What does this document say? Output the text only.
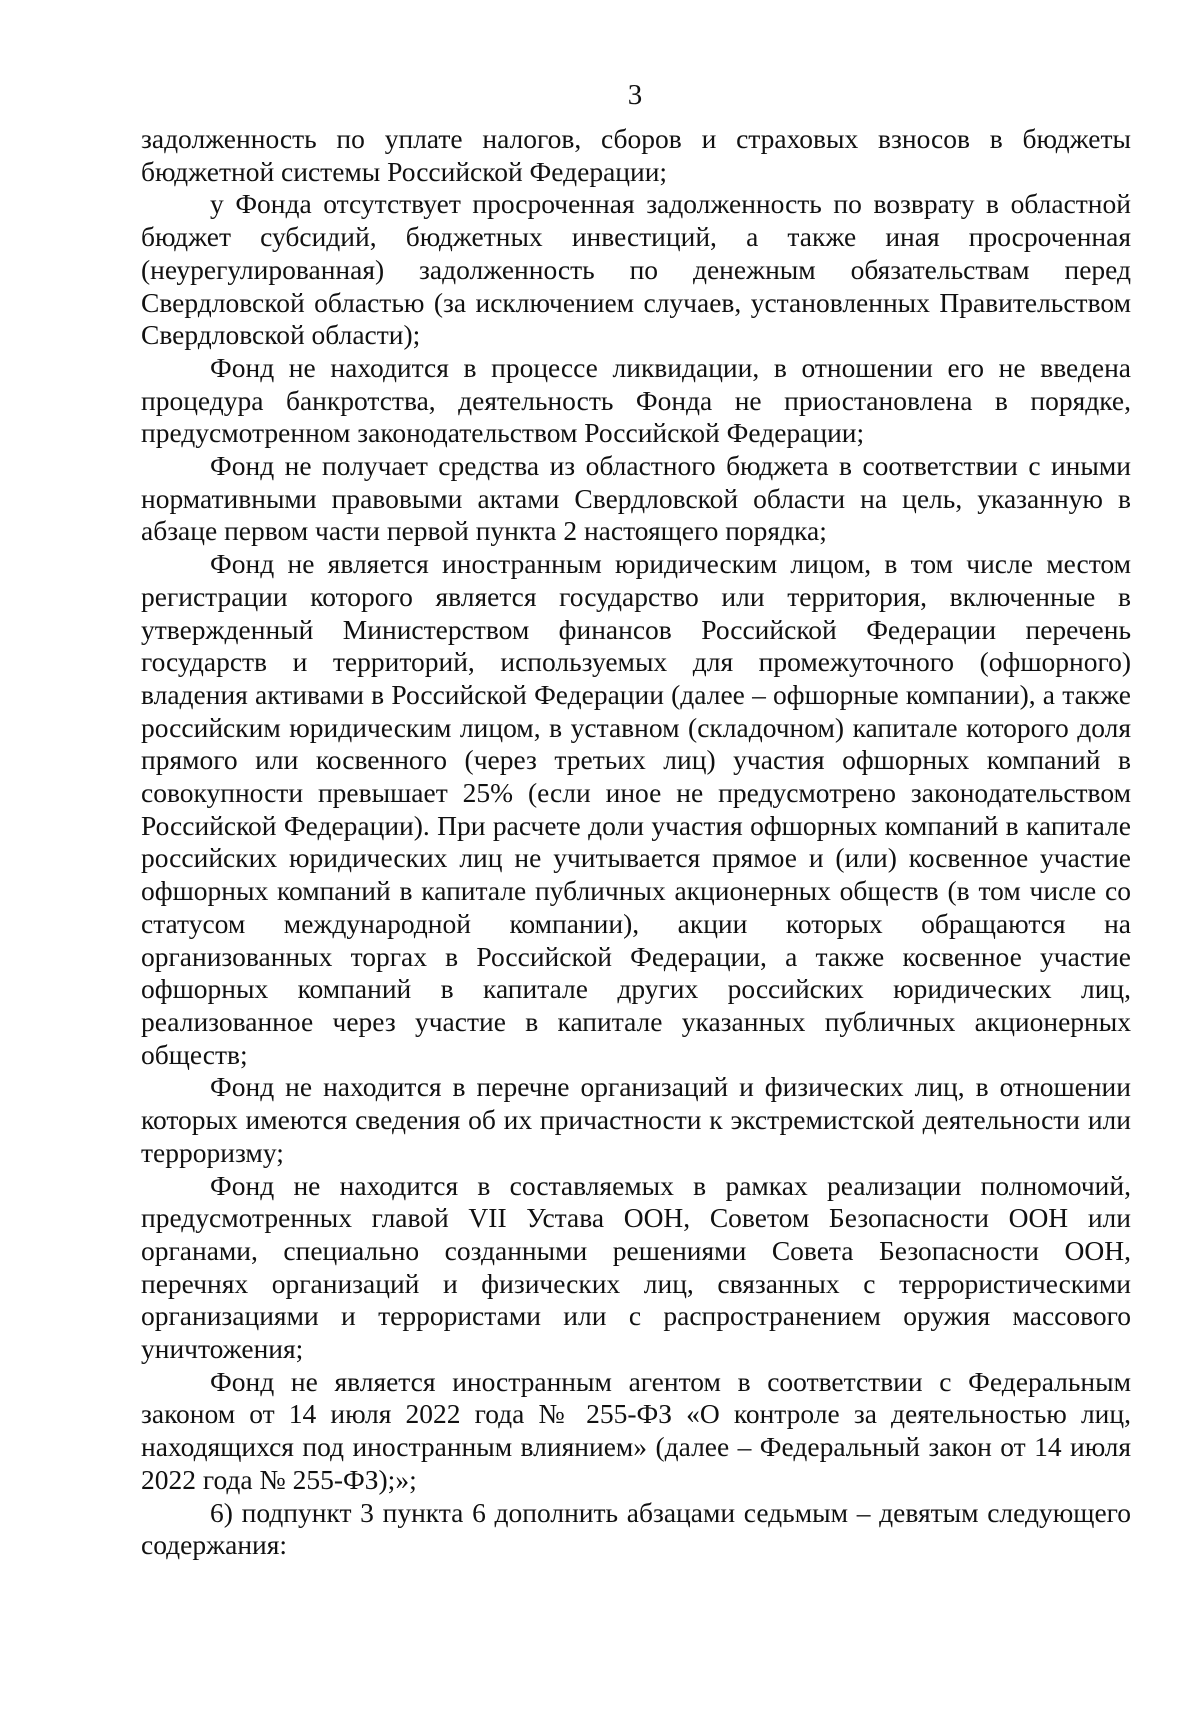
3

задолженность по уплате налогов, сборов и страховых взносов в бюджеты бюджетной системы Российской Федерации;

у Фонда отсутствует просроченная задолженность по возврату в областной бюджет субсидий, бюджетных инвестиций, а также иная просроченная (неурегулированная) задолженность по денежным обязательствам перед Свердловской областью (за исключением случаев, установленных Правительством Свердловской области);

Фонд не находится в процессе ликвидации, в отношении его не введена процедура банкротства, деятельность Фонда не приостановлена в порядке, предусмотренном законодательством Российской Федерации;

Фонд не получает средства из областного бюджета в соответствии с иными нормативными правовыми актами Свердловской области на цель, указанную в абзаце первом части первой пункта 2 настоящего порядка;

Фонд не является иностранным юридическим лицом, в том числе местом регистрации которого является государство или территория, включенные в утвержденный Министерством финансов Российской Федерации перечень государств и территорий, используемых для промежуточного (офшорного) владения активами в Российской Федерации (далее – офшорные компании), а также российским юридическим лицом, в уставном (складочном) капитале которого доля прямого или косвенного (через третьих лиц) участия офшорных компаний в совокупности превышает 25% (если иное не предусмотрено законодательством Российской Федерации). При расчете доли участия офшорных компаний в капитале российских юридических лиц не учитывается прямое и (или) косвенное участие офшорных компаний в капитале публичных акционерных обществ (в том числе со статусом международной компании), акции которых обращаются на организованных торгах в Российской Федерации, а также косвенное участие офшорных компаний в капитале других российских юридических лиц, реализованное через участие в капитале указанных публичных акционерных обществ;

Фонд не находится в перечне организаций и физических лиц, в отношении которых имеются сведения об их причастности к экстремистской деятельности или терроризму;

Фонд не находится в составляемых в рамках реализации полномочий, предусмотренных главой VII Устава ООН, Советом Безопасности ООН или органами, специально созданными решениями Совета Безопасности ООН, перечнях организаций и физических лиц, связанных с террористическими организациями и террористами или с распространением оружия массового уничтожения;

Фонд не является иностранным агентом в соответствии с Федеральным законом от 14 июля 2022 года № 255-ФЗ «О контроле за деятельностью лиц, находящихся под иностранным влиянием» (далее – Федеральный закон от 14 июля 2022 года № 255-ФЗ);»;

6) подпункт 3 пункта 6 дополнить абзацами седьмым – девятым следующего содержания:
